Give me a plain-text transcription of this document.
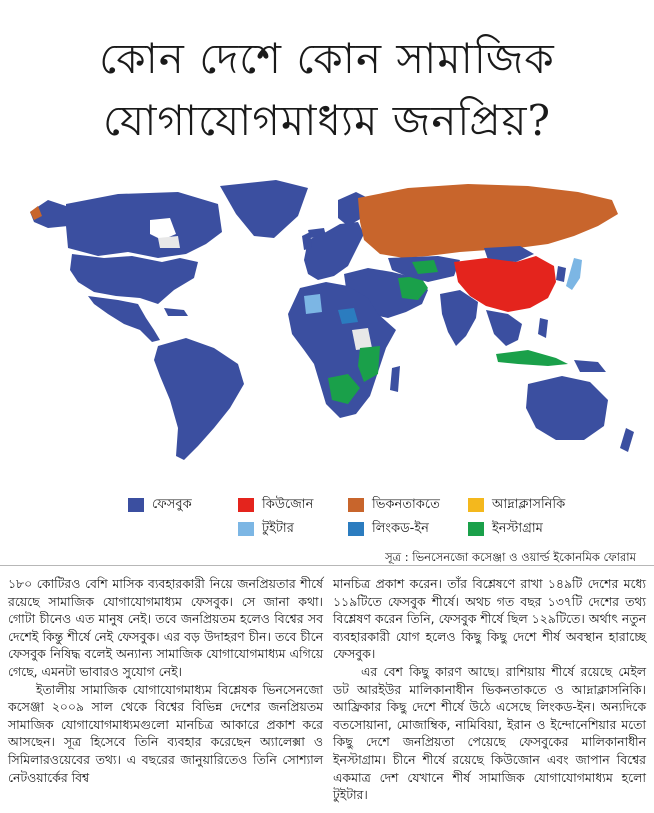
কোন দেশে কোন সামাজিক
যোগাযোগমাধ্যম জনপ্রিয়?
ফেসবুক	কিউজোন	ভিকনতাকতে	আদ্নাক্লাসনিকি
টুইটার	লিংকড-ইন	ইনস্টাগ্রাম
সূত্র : ভিনসেনজো কসেঞ্জা ও ওয়ার্ল্ড ইকোনমিক ফোরাম

১৮০ কোটিরও বেশি মাসিক ব্যবহারকারী নিয়ে জনপ্রিয়তার শীর্ষে রয়েছে সামাজিক যোগাযোগমাধ্যম ফেসবুক। সে জানা কথা। গোটা চীনেও এত মানুষ নেই। তবে জনপ্রিয়তম হলেও বিশ্বের সব দেশেই কিন্তু শীর্ষে নেই ফেসবুক। এর বড় উদাহরণ চীন। তবে চীনে ফেসবুক নিষিদ্ধ বলেই অন্যান্য সামাজিক যোগাযোগমাধ্যম এগিয়ে গেছে, এমনটা ভাবারও সুযোগ নেই।

ইতালীয় সামাজিক যোগাযোগমাধ্যম বিশ্লেষক ভিনসেনজো কসেঞ্জা ২০০৯ সাল থেকে বিশ্বের বিভিন্ন দেশের জনপ্রিয়তম সামাজিক যোগাযোগমাধ্যমগুলো মানচিত্র আকারে প্রকাশ করে আসছেন। সূত্র হিসেবে তিনি ব্যবহার করেছেন অ্যালেক্সা ও সিমিলারওয়েবের তথ্য। এ বছরের জানুয়ারিতেও তিনি সোশ্যাল নেটওয়ার্কের বিশ্ব

মানচিত্র প্রকাশ করেন। তাঁর বিশ্লেষণে রাখা ১৪৯টি দেশের মধ্যে ১১৯টিতে ফেসবুক শীর্ষে। অথচ গত বছর ১৩৭টি দেশের তথ্য বিশ্লেষণ করেন তিনি, ফেসবুক শীর্ষে ছিল ১২৯টিতে। অর্থাৎ নতুন ব্যবহারকারী যোগ হলেও কিছু কিছু দেশে শীর্ষ অবস্থান হারাচ্ছে ফেসবুক।

এর বেশ কিছু কারণ আছে। রাশিয়ায় শীর্ষে রয়েছে মেইল ডট আরইউর মালিকানাধীন ভিকনতাকতে ও আদ্নাক্লাসনিকি। আফ্রিকার কিছু দেশে শীর্ষে উঠে এসেছে লিংকড-ইন। অন্যদিকে বতসোয়ানা, মোজাম্বিক, নামিবিয়া, ইরান ও ইন্দোনেশিয়ার মতো কিছু দেশে জনপ্রিয়তা পেয়েছে ফেসবুকের মালিকানাধীন ইনস্টাগ্রাম। চীনে শীর্ষে রয়েছে কিউজোন এবং জাপান বিশ্বের একমাত্র দেশ যেখানে শীর্ষ সামাজিক যোগাযোগমাধ্যম হলো টুইটার।
